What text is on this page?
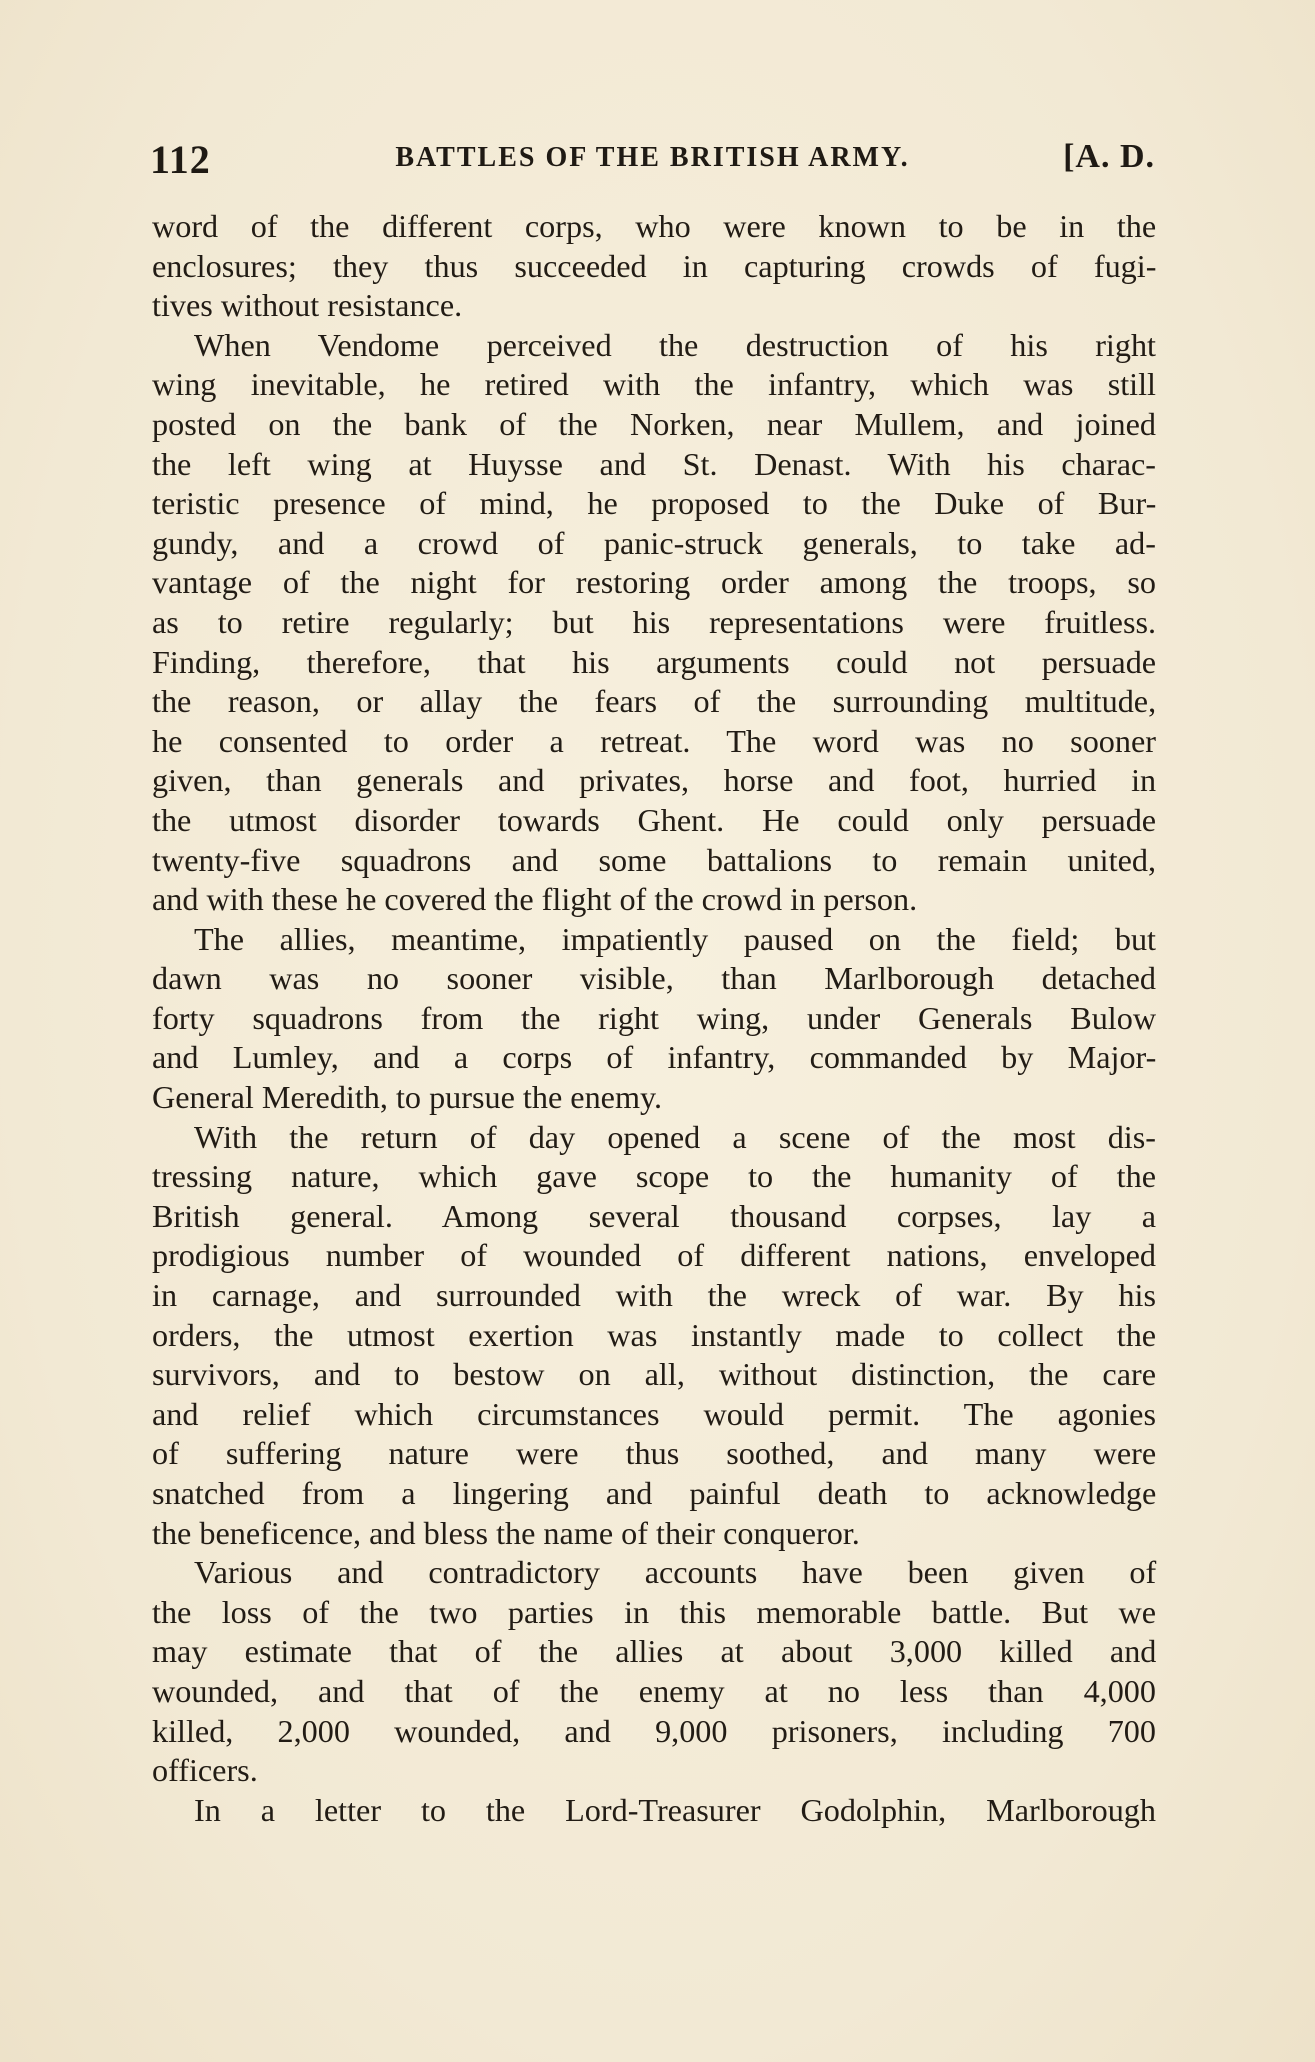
112	BATTLES OF THE BRITISH ARMY.	[A. D.
word of the different corps, who were known to be in the
enclosures; they thus succeeded in capturing crowds of fugi-
tives without resistance.
When Vendome perceived the destruction of his right
wing inevitable, he retired with the infantry, which was still
posted on the bank of the Norken, near Mullem, and joined
the left wing at Huysse and St. Denast. With his charac-
teristic presence of mind, he proposed to the Duke of Bur-
gundy, and a crowd of panic-struck generals, to take ad-
vantage of the night for restoring order among the troops, so
as to retire regularly; but his representations were fruitless.
Finding, therefore, that his arguments could not persuade
the reason, or allay the fears of the surrounding multitude,
he consented to order a retreat. The word was no sooner
given, than generals and privates, horse and foot, hurried in
the utmost disorder towards Ghent. He could only persuade
twenty-five squadrons and some battalions to remain united,
and with these he covered the flight of the crowd in person.
The allies, meantime, impatiently paused on the field; but
dawn was no sooner visible, than Marlborough detached
forty squadrons from the right wing, under Generals Bulow
and Lumley, and a corps of infantry, commanded by Major-
General Meredith, to pursue the enemy.
With the return of day opened a scene of the most dis-
tressing nature, which gave scope to the humanity of the
British general. Among several thousand corpses, lay a
prodigious number of wounded of different nations, enveloped
in carnage, and surrounded with the wreck of war. By his
orders, the utmost exertion was instantly made to collect the
survivors, and to bestow on all, without distinction, the care
and relief which circumstances would permit. The agonies
of suffering nature were thus soothed, and many were
snatched from a lingering and painful death to acknowledge
the beneficence, and bless the name of their conqueror.
Various and contradictory accounts have been given of
the loss of the two parties in this memorable battle. But we
may estimate that of the allies at about 3,000 killed and
wounded, and that of the enemy at no less than 4,000
killed, 2,000 wounded, and 9,000 prisoners, including 700
officers.
In a letter to the Lord-Treasurer Godolphin, Marlborough
